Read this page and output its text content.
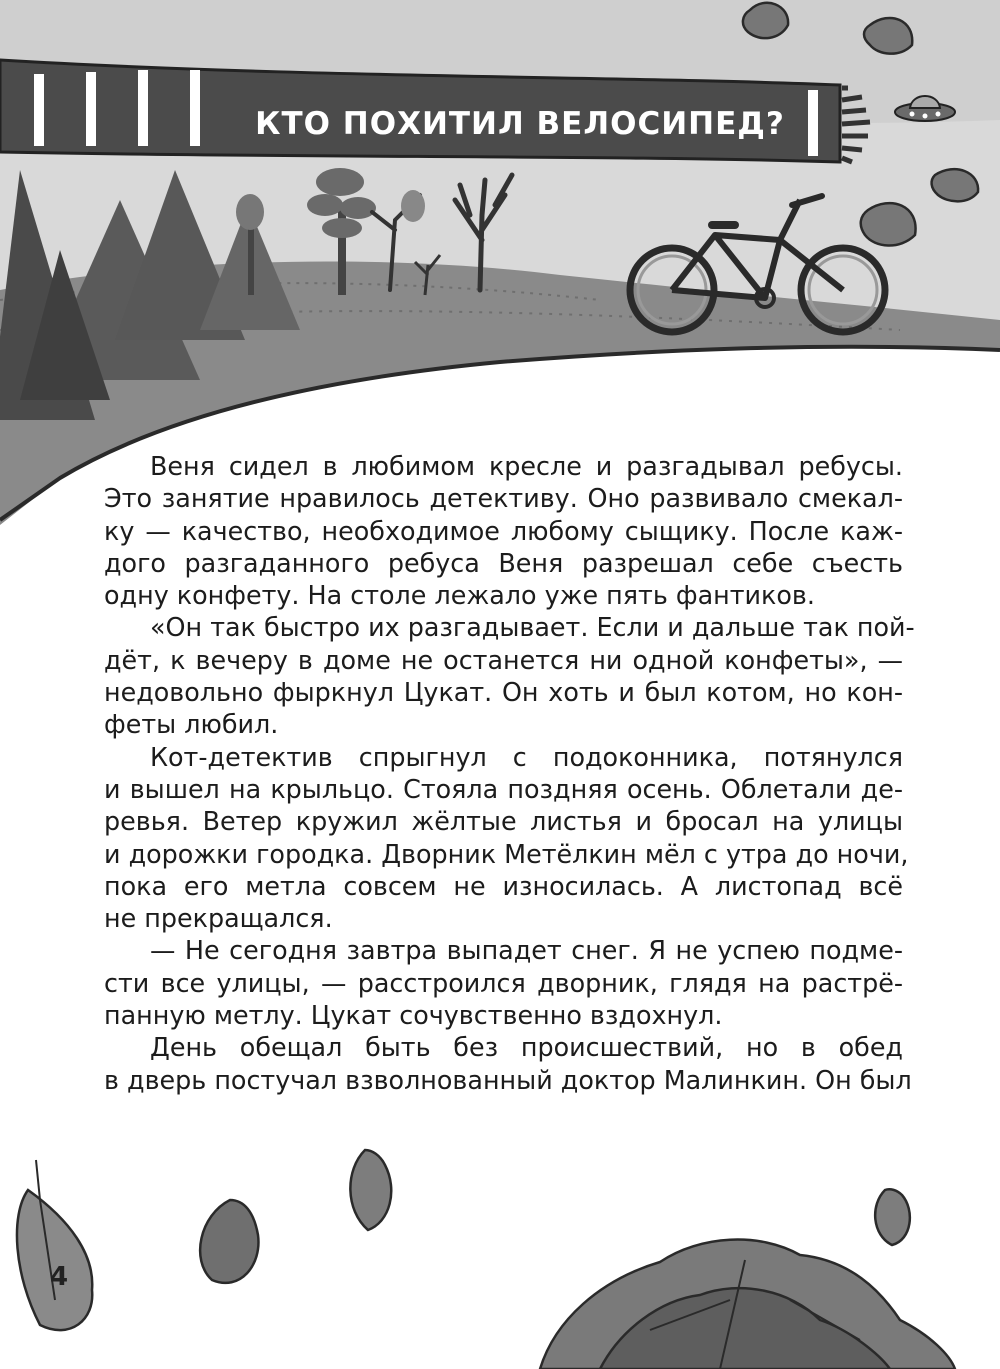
КТО ПОХИТИЛ ВЕЛОСИПЕД?
Веня сидел в любимом кресле и разгадывал ребусы.
Это занятие нравилось детективу. Оно развивало смекал-
ку — качество, необходимое любому сыщику. После каж-
дого разгаданного ребуса Веня разрешал себе съесть
одну конфету. На столе лежало уже пять фантиков.
«Он так быстро их разгадывает. Если и дальше так пой-
дёт, к вечеру в доме не останется ни одной конфеты», —
недовольно фыркнул Цукат. Он хоть и был котом, но кон-
феты любил.
Кот-детектив спрыгнул с подоконника, потянулся
и вышел на крыльцо. Стояла поздняя осень. Облетали де-
ревья. Ветер кружил жёлтые листья и бросал на улицы
и дорожки городка. Дворник Метёлкин мёл с утра до ночи,
пока его метла совсем не износилась. А листопад всё
не прекращался.
— Не сегодня завтра выпадет снег. Я не успею подме-
сти все улицы, — расстроился дворник, глядя на растрё-
панную метлу. Цукат сочувственно вздохнул.
День обещал быть без происшествий, но в обед
в дверь постучал взволнованный доктор Малинкин. Он был
4
